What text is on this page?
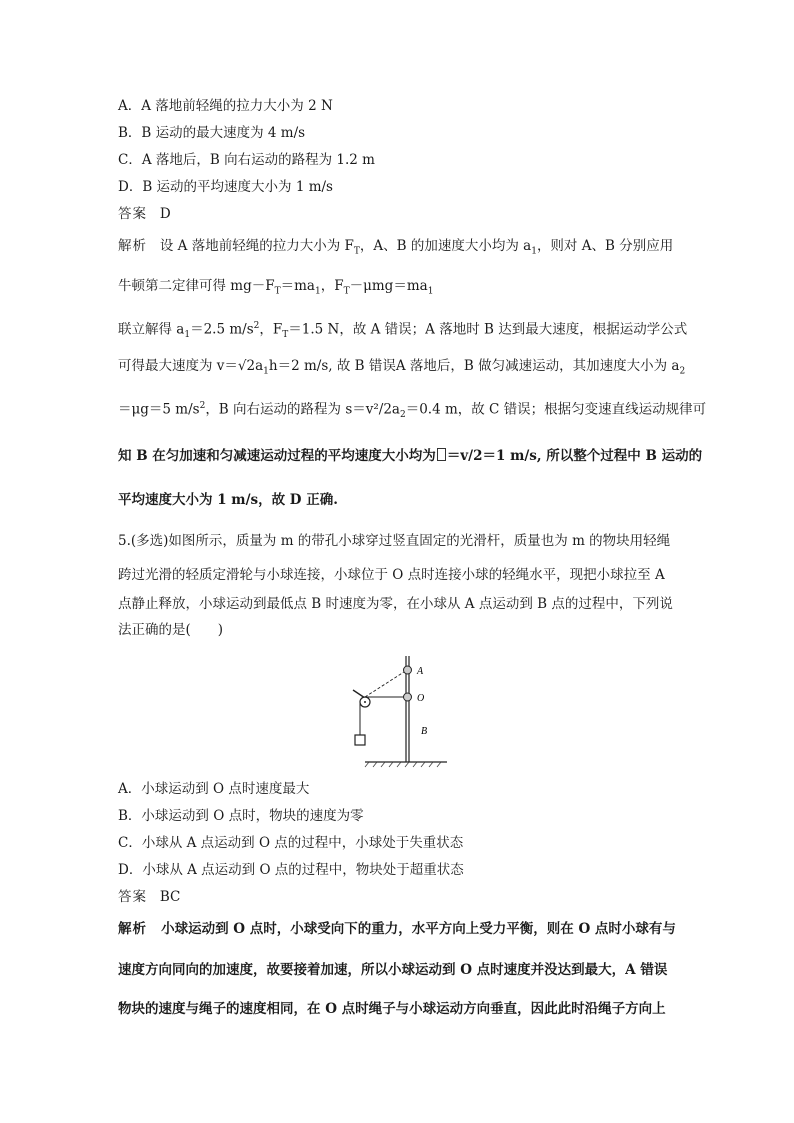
A．A 落地前轻绳的拉力大小为 2 N
B．B 运动的最大速度为 4 m/s
C．A 落地后，B 向右运动的路程为 1.2 m
D．B 运动的平均速度大小为 1 m/s
答案 D
解析 设 A 落地前轻绳的拉力大小为 $F_T$，A、B 的加速度大小均为 $a_1$，则对 A、B 分别应用
牛顿第二定律可得 $mg-F_T=ma_1$，$F_T-\mu mg=ma_1$
联立解得 $a_1=2.5$ $m/s^2$，$F_T=1.5$ N，故 A 错误；A 落地时 B 达到最大速度，根据运动学公式
可得最大速度为 $v=√2a_1h=2$ m/s, 故 B 错误A 落地后，B 做匀减速运动，其加速度大小为 $a_2$
＝μg＝5 $m/s^2$，B 向右运动的路程为 $s=v^2/2a_2=0.4$ m，故 C 错误；根据匀变速直线运动规律可
知 B 在匀加速和匀减速运动过程的平均速度大小均为 ＝v/2＝1 m/s, 所以整个过程中 B 运动的
平均速度大小为 1 m/s，故 D 正确.
5.(多选)如图所示，质量为 m 的带孔小球穿过竖直固定的光滑杆，质量也为 m 的物块用轻绳
跨过光滑的轻质定滑轮与小球连接，小球位于 O 点时连接小球的轻绳水平，现把小球拉至 A
点静止释放，小球运动到最低点 B 时速度为零，在小球从 A 点运动到 B 点的过程中，下列说
法正确的是(　　)
A
O
B
A．小球运动到 O 点时速度最大
B．小球运动到 O 点时，物块的速度为零
C．小球从 A 点运动到 O 点的过程中，小球处于失重状态
D．小球从 A 点运动到 O 点的过程中，物块处于超重状态
答案 BC
解析 小球运动到 O 点时，小球受向下的重力，水平方向上受力平衡，则在 O 点时小球有与
速度方向同向的加速度，故要接着加速，所以小球运动到 O 点时速度并没达到最大，A 错误
物块的速度与绳子的速度相同，在 O 点时绳子与小球运动方向垂直，因此此时沿绳子方向上
